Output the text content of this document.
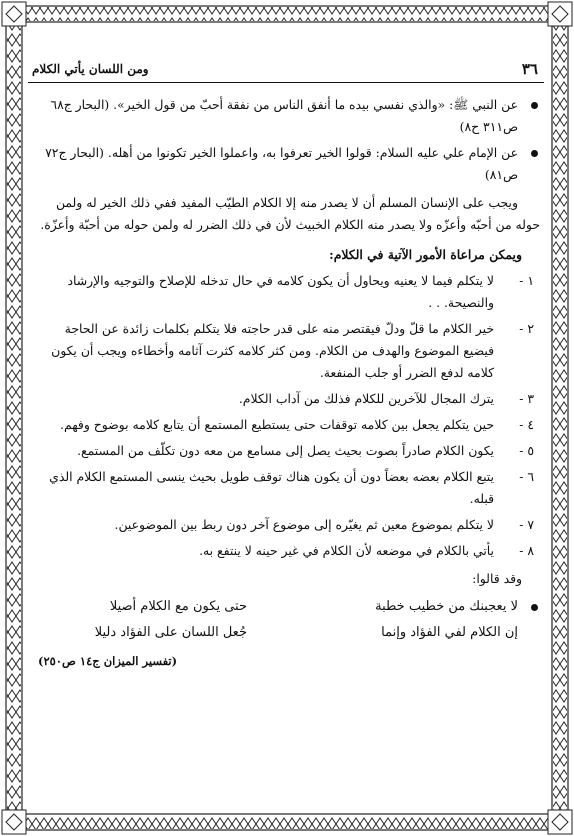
٣٦
ومن اللسان يأتي الكلام
عن النبي ﷺ: «والذي نفسي بيده ما أنفق الناس من نفقة أحبّ من قول الخير». (البحار ج٦٨ ص٣١١ ح٨)
عن الإمام علي عليه السلام: قولوا الخير تعرفوا به، واعملوا الخير تكونوا من أهله. (البحار ج٧٢ ص٨١)

ويجب على الإنسان المسلم أن لا يصدر منه إلا الكلام الطيّب المفيد ففي ذلك الخير له ولمن حوله من أحبّه وأعزّه ولا يصدر منه الكلام الخبيث لأن في ذلك الضرر له ولمن حوله من أحبّة وأعزّة.

ويمكن مراعاة الأمور الآتية في الكلام:
١ -
لا يتكلم فيما لا يعنيه ويحاول أن يكون كلامه في حال تدخله للإصلاح والتوجيه والإرشاد والنصيحة. . .
٢ -
خير الكلام ما قلّ ودلّ فيقتصر منه على قدر حاجته فلا يتكلم بكلمات زائدة عن الحاجة فيضيع الموضوع والهدف من الكلام. ومن كثر كلامه كثرت آثامه وأخطاءه ويجب أن يكون كلامه لدفع الضرر أو جلب المنفعة.
٣ -
يترك المجال للآخرين للكلام فذلك من آداب الكلام.
٤ -
حين يتكلم يجعل بين كلامه توقفات حتى يستطيع المستمع أن يتابع كلامه بوضوح وفهم.
٥ -
يكون الكلام صادراً بصوت بحيث يصل إلى مسامع من معه دون تكلّف من المستمع.
٦ -
يتبع الكلام بعضه بعضاً دون أن يكون هناك توقف طويل بحيث ينسى المستمع الكلام الذي قبله.
٧ -
لا يتكلم بموضوع معين ثم يغيّره إلى موضوع آخر دون ربط بين الموضوعين.
٨ -
يأتي بالكلام في موضعه لأن الكلام في غير حينه لا ينتفع به.
وقد قالوا:
لا يعجبنك من خطيب خطبة
حتى يكون مع الكلام أصيلا
إن الكلام لفي الفؤاد وإنما
جُعل اللسان على الفؤاد دليلا
(تفسير الميزان ج١٤ ص٢٥٠)
